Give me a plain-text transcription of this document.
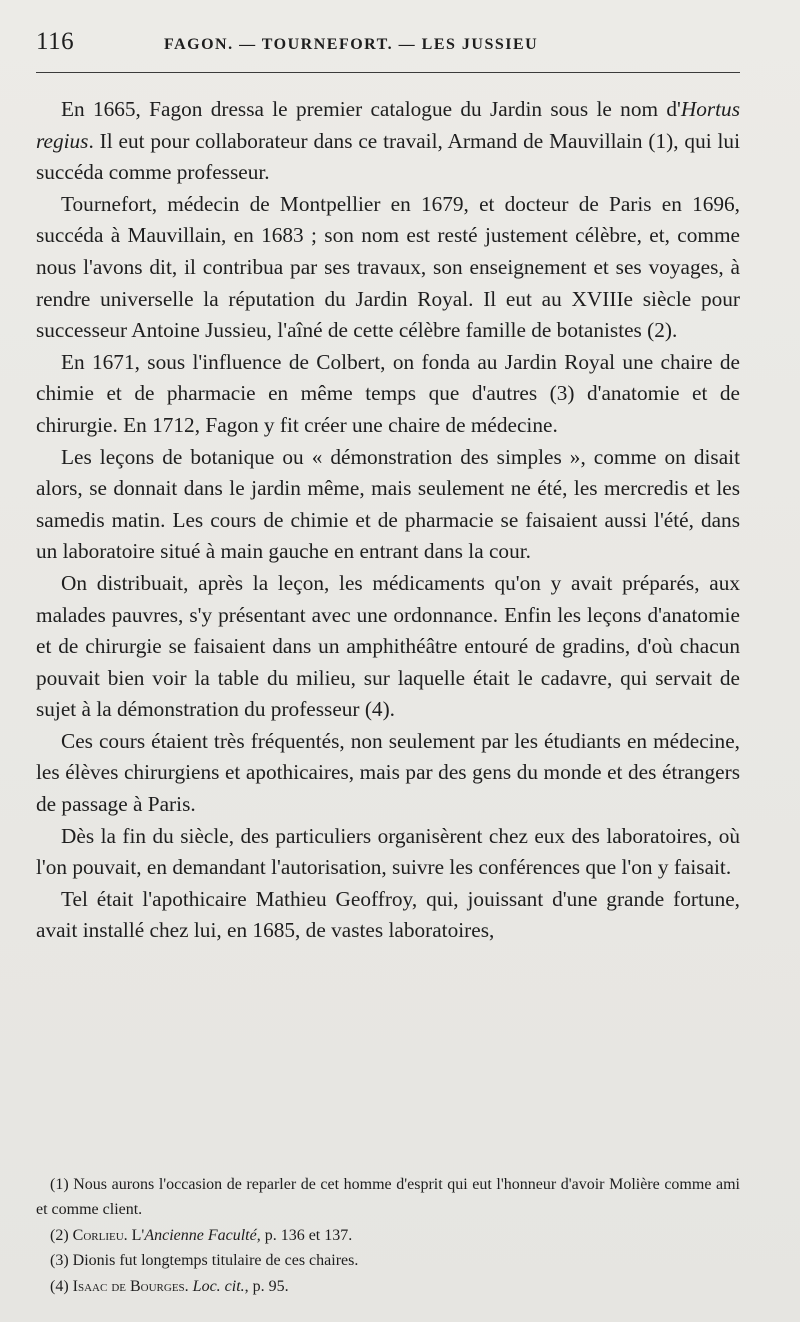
116	FAGON. — TOURNEFORT. — LES JUSSIEU

En 1665, Fagon dressa le premier catalogue du Jardin sous le nom d'Hortus regius. Il eut pour collaborateur dans ce travail, Armand de Mauvillain (1), qui lui succéda comme professeur.

Tournefort, médecin de Montpellier en 1679, et docteur de Paris en 1696, succéda à Mauvillain, en 1683 ; son nom est resté justement célèbre, et, comme nous l'avons dit, il contribua par ses travaux, son enseignement et ses voyages, à rendre universelle la réputation du Jardin Royal. Il eut au XVIIIe siècle pour successeur Antoine Jussieu, l'aîné de cette célèbre famille de botanistes (2).

En 1671, sous l'influence de Colbert, on fonda au Jardin Royal une chaire de chimie et de pharmacie en même temps que d'autres (3) d'anatomie et de chirurgie. En 1712, Fagon y fit créer une chaire de médecine.

Les leçons de botanique ou « démonstration des simples », comme on disait alors, se donnait dans le jardin même, mais seulement ne été, les mercredis et les samedis matin. Les cours de chimie et de pharmacie se faisaient aussi l'été, dans un laboratoire situé à main gauche en entrant dans la cour.

On distribuait, après la leçon, les médicaments qu'on y avait préparés, aux malades pauvres, s'y présentant avec une ordonnance. Enfin les leçons d'anatomie et de chirurgie se faisaient dans un amphithéâtre entouré de gradins, d'où chacun pouvait bien voir la table du milieu, sur laquelle était le cadavre, qui servait de sujet à la démonstration du professeur (4).

Ces cours étaient très fréquentés, non seulement par les étudiants en médecine, les élèves chirurgiens et apothicaires, mais par des gens du monde et des étrangers de passage à Paris.

Dès la fin du siècle, des particuliers organisèrent chez eux des laboratoires, où l'on pouvait, en demandant l'autorisation, suivre les conférences que l'on y faisait.

Tel était l'apothicaire Mathieu Geoffroy, qui, jouissant d'une grande fortune, avait installé chez lui, en 1685, de vastes laboratoires,

(1) Nous aurons l'occasion de reparler de cet homme d'esprit qui eut l'honneur d'avoir Molière comme ami et comme client.

(2) Corlieu. L'Ancienne Faculté, p. 136 et 137.

(3) Dionis fut longtemps titulaire de ces chaires.

(4) Isaac de Bourges. Loc. cit., p. 95.
